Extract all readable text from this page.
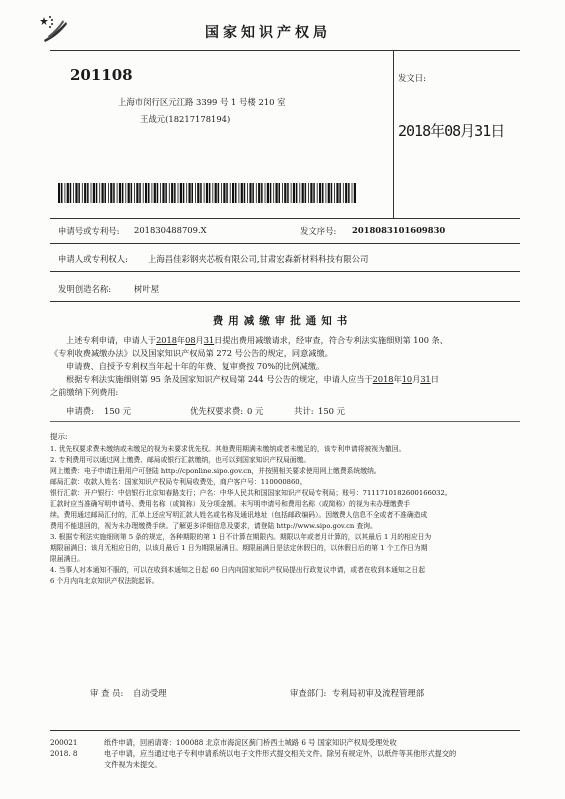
国家知识产权局
201108
上海市闵行区元江路 3399 号 1 号楼 210 室
王战元(18217178194)
发文日:
2018年08月31日
申请号或专利号: 201830488709.X	发文序号: 2018083101609830
申请人或专利权人: 上海昌佳彩钢夹芯板有限公司,甘肃宏森新材料科技有限公司
发明创造名称:	树叶屋
费用减缴审批通知书
上述专利申请，申请人于2018年08月31日提出费用减缴请求，经审查，符合专利法实施细则第 100 条、
《专利收费减缴办法》以及国家知识产权局第 272 号公告的规定，同意减缴。
申请费、自授予专利权当年起十年的年费、复审费按 70%的比例减缴。
根据专利法实施细则第 95 条及国家知识产权局第 244 号公告的规定，申请人应当于2018年10月31日
之前缴纳下列费用:
申请费: 150 元	优先权要求费: 0 元	共计: 150 元
提示:
1. 优先权要求费未缴纳或未缴足的视为未要求优先权。其他费用期满未缴纳或者未缴足的，该专利申请将被视为撤回。
2. 专利费用可以通过网上缴费、邮局或银行汇款缴纳，也可以到国家知识产权局面缴。
网上缴费：电子申请注册用户可登陆 http://cponline.sipo.gov.cn，并按照相关要求使用网上缴费系统缴纳。
邮局汇款：收款人姓名：国家知识产权局专利局收费处，商户客户号：110000860。
银行汇款：开户银行：中信银行北京知春路支行；户名：中华人民共和国国家知识产权局专利局；账号：7111710182600166032。
汇款时应当准确写明申请号、费用名称（或简称）及分项金额。未写明申请号和费用名称（或简称）的视为未办理缴费手
续。费用通过邮局汇付的，汇单上还应写明汇款人姓名或名称及通讯地址（包括邮政编码）。因缴费人信息不全或者不准确造成
费用不能退回的，视为未办理缴费手续。了解更多详细信息及要求，请登陆 http://www.sipo.gov.cn 查询。
3. 根据专利法实施细则第 5 条的规定，各种期限的第 1 日不计算在期限内。期限以年或者月计算的，以其最后 1 月的相应日为
期限届满日；该月无相应日的，以该月最后 1 日为期限届满日。期限届满日是法定休假日的，以休假日后的第 1 个工作日为期
限届满日。
4. 当事人对本通知不服的，可以在收到本通知之日起 60 日内向国家知识产权局提出行政复议申请，或者在收到本通知之日起
6 个月内向北京知识产权法院起诉。
审 查 员: 自动受理	审查部门: 专利局初审及流程管理部
200021
2018. 8
纸件申请，回函请寄：100088 北京市海淀区蓟门桥西土城路 6 号 国家知识产权局受理处收
电子申请，应当通过电子专利申请系统以电子文件形式提交相关文件。除另有规定外，以纸件等其他形式提交的
文件视为未提交。
